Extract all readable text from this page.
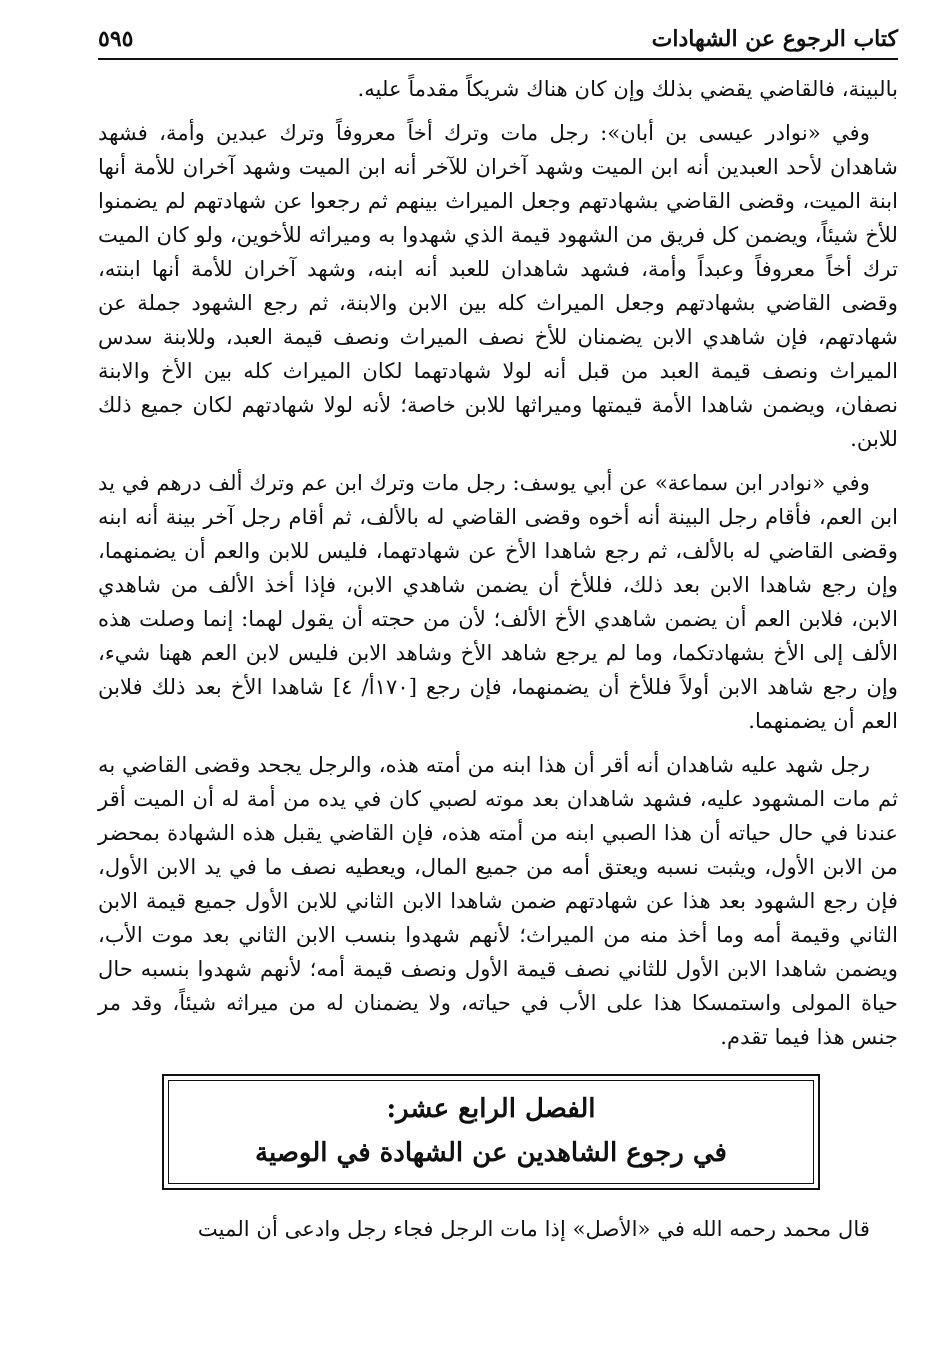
كتاب الرجوع عن الشهادات
٥٩٥

بالبينة، فالقاضي يقضي بذلك وإن كان هناك شريكاً مقدماً عليه.

وفي «نوادر عيسى بن أبان»: رجل مات وترك أخاً معروفاً وترك عبدين وأمة، فشهد شاهدان لأحد العبدين أنه ابن الميت وشهد آخران للآخر أنه ابن الميت وشهد آخران للأمة أنها ابنة الميت، وقضى القاضي بشهادتهم وجعل الميراث بينهم ثم رجعوا عن شهادتهم لم يضمنوا للأخ شيئاً، ويضمن كل فريق من الشهود قيمة الذي شهدوا به وميراثه للأخوين، ولو كان الميت ترك أخاً معروفاً وعبداً وأمة، فشهد شاهدان للعبد أنه ابنه، وشهد آخران للأمة أنها ابنته، وقضى القاضي بشهادتهم وجعل الميراث كله بين الابن والابنة، ثم رجع الشهود جملة عن شهادتهم، فإن شاهدي الابن يضمنان للأخ نصف الميراث ونصف قيمة العبد، وللابنة سدس الميراث ونصف قيمة العبد من قبل أنه لولا شهادتهما لكان الميراث كله بين الأخ والابنة نصفان، ويضمن شاهدا الأمة قيمتها وميراثها للابن خاصة؛ لأنه لولا شهادتهم لكان جميع ذلك للابن.

وفي «نوادر ابن سماعة» عن أبي يوسف: رجل مات وترك ابن عم وترك ألف درهم في يد ابن العم، فأقام رجل البينة أنه أخوه وقضى القاضي له بالألف، ثم أقام رجل آخر بينة أنه ابنه وقضى القاضي له بالألف، ثم رجع شاهدا الأخ عن شهادتهما، فليس للابن والعم أن يضمنهما، وإن رجع شاهدا الابن بعد ذلك، فللأخ أن يضمن شاهدي الابن، فإذا أخذ الألف من شاهدي الابن، فلابن العم أن يضمن شاهدي الأخ الألف؛ لأن من حجته أن يقول لهما: إنما وصلت هذه الألف إلى الأخ بشهادتكما، وما لم يرجع شاهد الأخ وشاهد الابن فليس لابن العم ههنا شيء، وإن رجع شاهد الابن أولاً فللأخ أن يضمنهما، فإن رجع [١٧٠أ/ ٤] شاهدا الأخ بعد ذلك فلابن العم أن يضمنهما.

رجل شهد عليه شاهدان أنه أقر أن هذا ابنه من أمته هذه، والرجل يجحد وقضى القاضي به ثم مات المشهود عليه، فشهد شاهدان بعد موته لصبي كان في يده من أمة له أن الميت أقر عندنا في حال حياته أن هذا الصبي ابنه من أمته هذه، فإن القاضي يقبل هذه الشهادة بمحضر من الابن الأول، ويثبت نسبه ويعتق أمه من جميع المال، ويعطيه نصف ما في يد الابن الأول، فإن رجع الشهود بعد هذا عن شهادتهم ضمن شاهدا الابن الثاني للابن الأول جميع قيمة الابن الثاني وقيمة أمه وما أخذ منه من الميراث؛ لأنهم شهدوا بنسب الابن الثاني بعد موت الأب، ويضمن شاهدا الابن الأول للثاني نصف قيمة الأول ونصف قيمة أمه؛ لأنهم شهدوا بنسبه حال حياة المولى واستمسكا هذا على الأب في حياته، ولا يضمنان له من ميراثه شيئاً، وقد مر جنس هذا فيما تقدم.

الفصل الرابع عشر:
في رجوع الشاهدين عن الشهادة في الوصية

قال محمد رحمه الله في «الأصل» إذا مات الرجل فجاء رجل وادعى أن الميت
